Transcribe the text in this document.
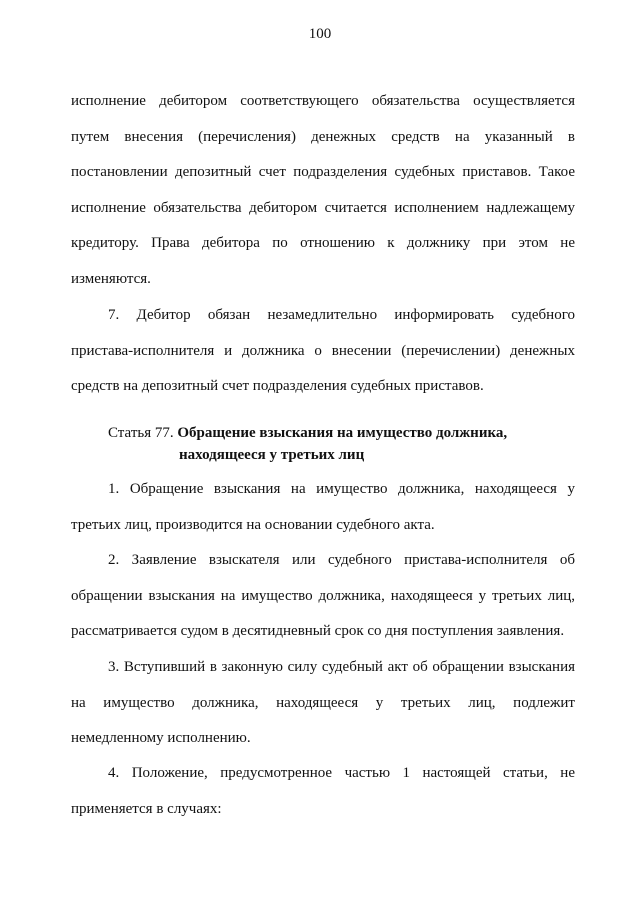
100

исполнение дебитором соответствующего обязательства осуществляется
путем внесения (перечисления) денежных средств на указанный в
постановлении депозитный счет подразделения судебных приставов. Такое
исполнение обязательства дебитором считается исполнением надлежащему
кредитору. Права дебитора по отношению к должнику при этом не
изменяются.

7. Дебитор обязан незамедлительно информировать судебного
пристава-исполнителя и должника о внесении (перечислении) денежных
средств на депозитный счет подразделения судебных приставов.

Статья 77. Обращение взыскания на имущество должника,
находящееся у третьих лиц

1. Обращение взыскания на имущество должника, находящееся у
третьих лиц, производится на основании судебного акта.

2. Заявление взыскателя или судебного пристава-исполнителя об
обращении взыскания на имущество должника, находящееся у третьих лиц,
рассматривается судом в десятидневный срок со дня поступления заявления.

3. Вступивший в законную силу судебный акт об обращении взыскания
на имущество должника, находящееся у третьих лиц, подлежит
немедленному исполнению.

4. Положение, предусмотренное частью 1 настоящей статьи, не
применяется в случаях:
